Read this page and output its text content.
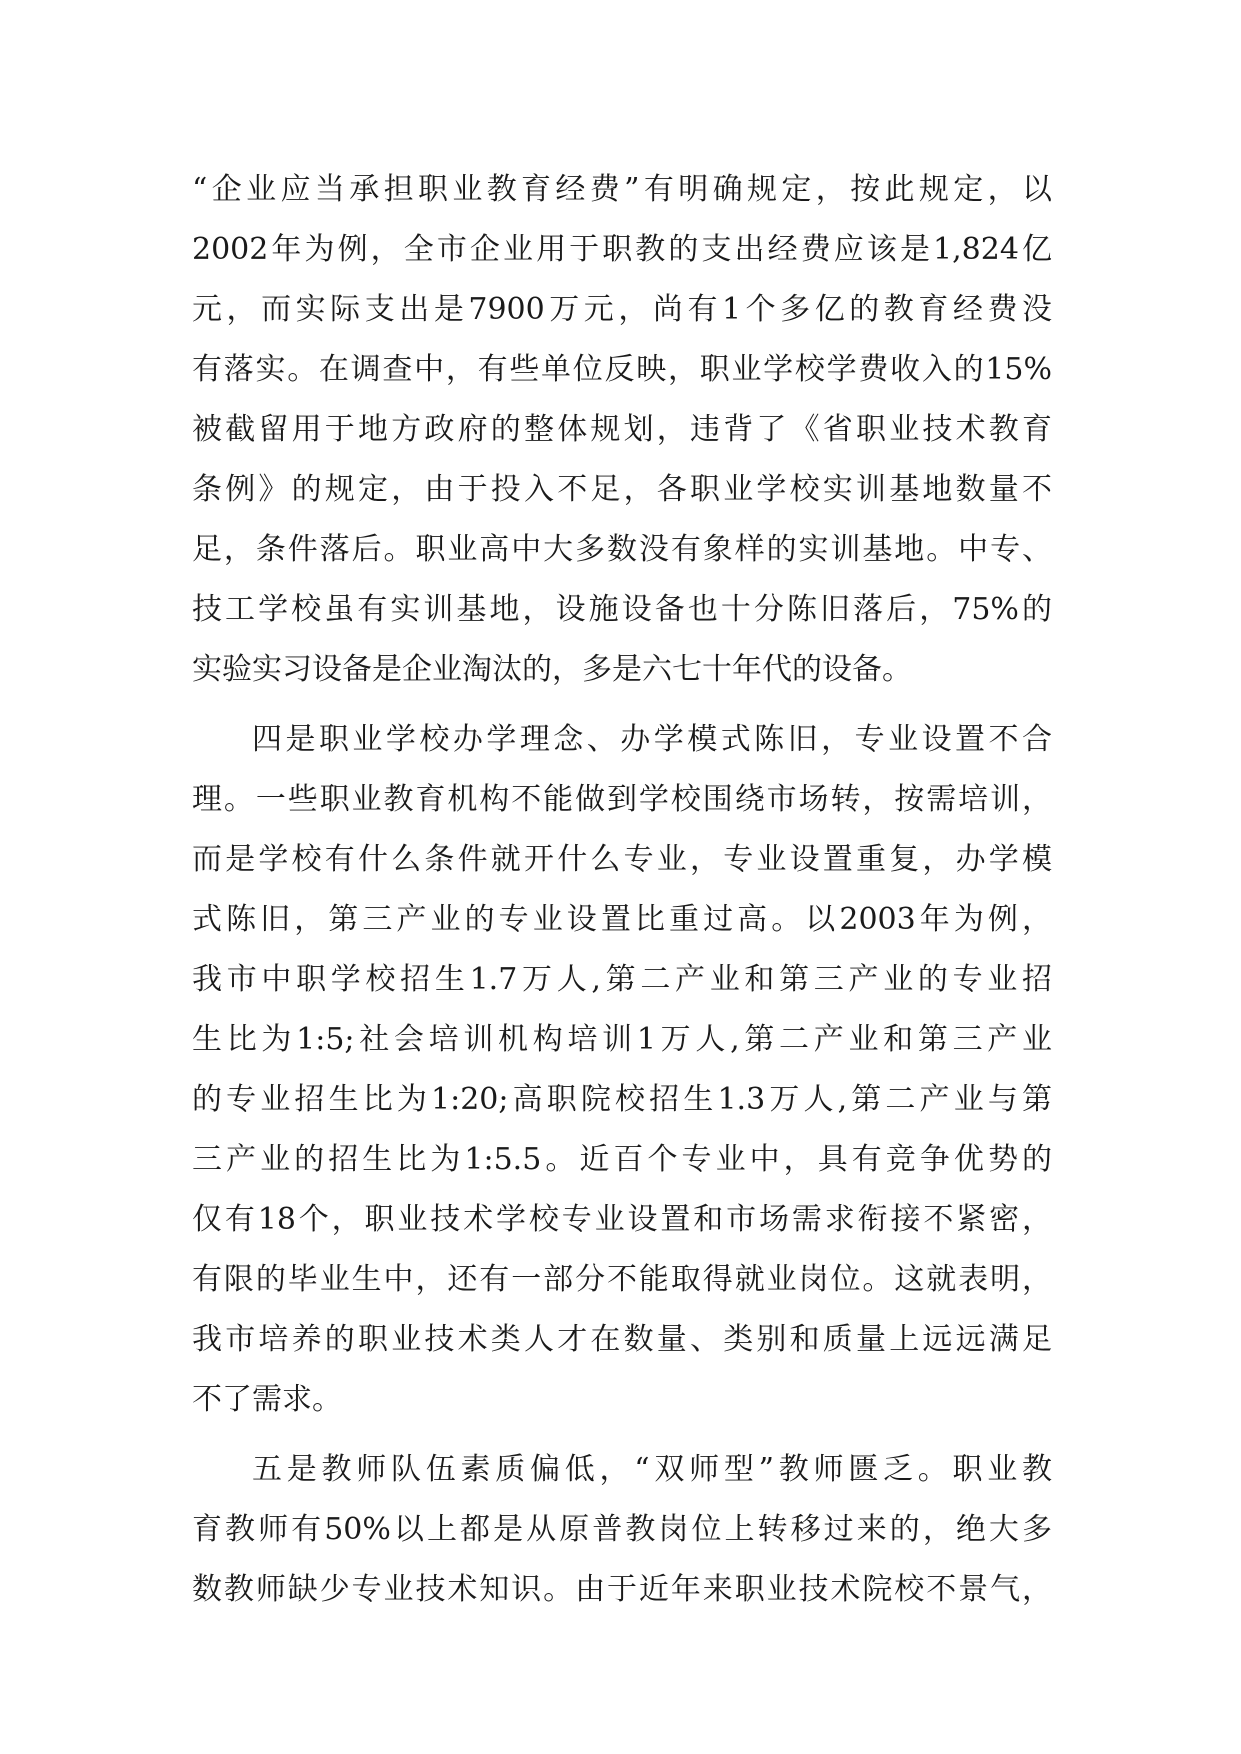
“企业应当承担职业教育经费”有明确规定，按此规定，以
2002年为例，全市企业用于职教的支出经费应该是1,824亿
元，而实际支出是7900万元，尚有1个多亿的教育经费没
有落实。在调查中，有些单位反映，职业学校学费收入的15%
被截留用于地方政府的整体规划，违背了《省职业技术教育
条例》的规定，由于投入不足，各职业学校实训基地数量不
足，条件落后。职业高中大多数没有象样的实训基地。中专、
技工学校虽有实训基地，设施设备也十分陈旧落后，75%的
实验实习设备是企业淘汰的，多是六七十年代的设备。
四是职业学校办学理念、办学模式陈旧，专业设置不合
理。一些职业教育机构不能做到学校围绕市场转，按需培训，
而是学校有什么条件就开什么专业，专业设置重复，办学模
式陈旧，第三产业的专业设置比重过高。以2003年为例，
我市中职学校招生1.7万人,第二产业和第三产业的专业招
生比为1:5;社会培训机构培训1万人,第二产业和第三产业
的专业招生比为1:20;高职院校招生1.3万人,第二产业与第
三产业的招生比为1:5.5。近百个专业中，具有竞争优势的
仅有18个，职业技术学校专业设置和市场需求衔接不紧密，
有限的毕业生中，还有一部分不能取得就业岗位。这就表明，
我市培养的职业技术类人才在数量、类别和质量上远远满足
不了需求。
五是教师队伍素质偏低，“双师型”教师匮乏。职业教
育教师有50%以上都是从原普教岗位上转移过来的，绝大多
数教师缺少专业技术知识。由于近年来职业技术院校不景气，
